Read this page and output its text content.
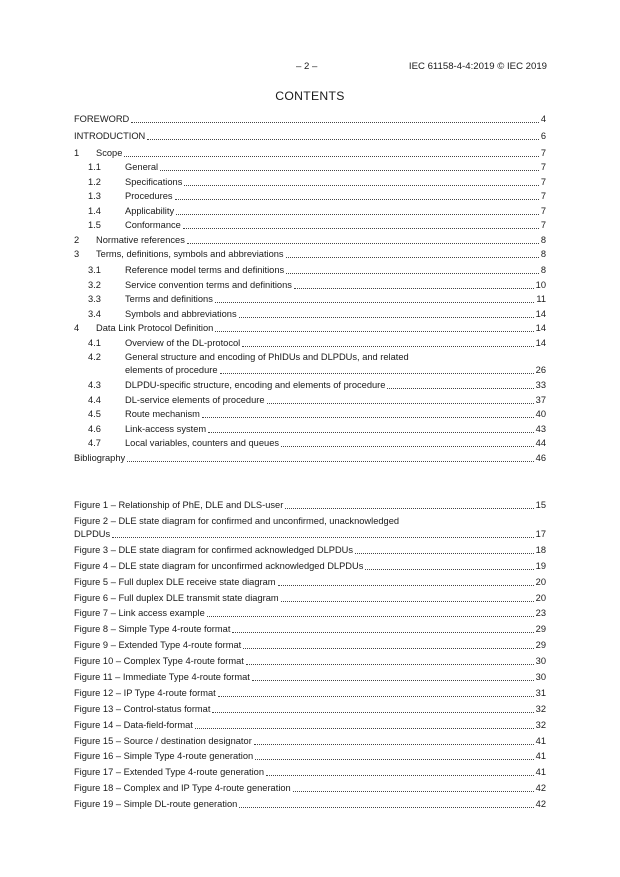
– 2 –	IEC 61158-4-4:2019 © IEC 2019
CONTENTS
FOREWORD	4
INTRODUCTION	6
1 Scope	7
1.1	General	7
1.2	Specifications	7
1.3	Procedures	7
1.4	Applicability	7
1.5	Conformance	7
2 Normative references	8
3 Terms, definitions, symbols and abbreviations	8
3.1	Reference model terms and definitions	8
3.2	Service convention terms and definitions	10
3.3	Terms and definitions	11
3.4	Symbols and abbreviations	14
4 Data Link Protocol Definition	14
4.1	Overview of the DL-protocol	14
4.2	General structure and encoding of PhIDUs and DLPDUs, and related
elements of procedure	26
4.3	DLPDU-specific structure, encoding and elements of procedure	33
4.4	DL-service elements of procedure	37
4.5	Route mechanism	40
4.6	Link-access system	43
4.7	Local variables, counters and queues	44
Bibliography	46
Figure 1 – Relationship of PhE, DLE and DLS-user	15
Figure 2 – DLE state diagram for confirmed and unconfirmed, unacknowledged
DLPDUs	17
Figure 3 – DLE state diagram for confirmed acknowledged DLPDUs	18
Figure 4 – DLE state diagram for unconfirmed acknowledged DLPDUs	19
Figure 5 – Full duplex DLE receive state diagram	20
Figure 6 – Full duplex DLE transmit state diagram	20
Figure 7 – Link access example	23
Figure 8 – Simple Type 4-route format	29
Figure 9 – Extended Type 4-route format	29
Figure 10 – Complex Type 4-route format	30
Figure 11 – Immediate Type 4-route format	30
Figure 12 – IP Type 4-route format	31
Figure 13 – Control-status format	32
Figure 14 – Data-field-format	32
Figure 15 – Source / destination designator	41
Figure 16 – Simple Type 4-route generation	41
Figure 17 – Extended Type 4-route generation	41
Figure 18 – Complex and IP Type 4-route generation	42
Figure 19 – Simple DL-route generation	42
